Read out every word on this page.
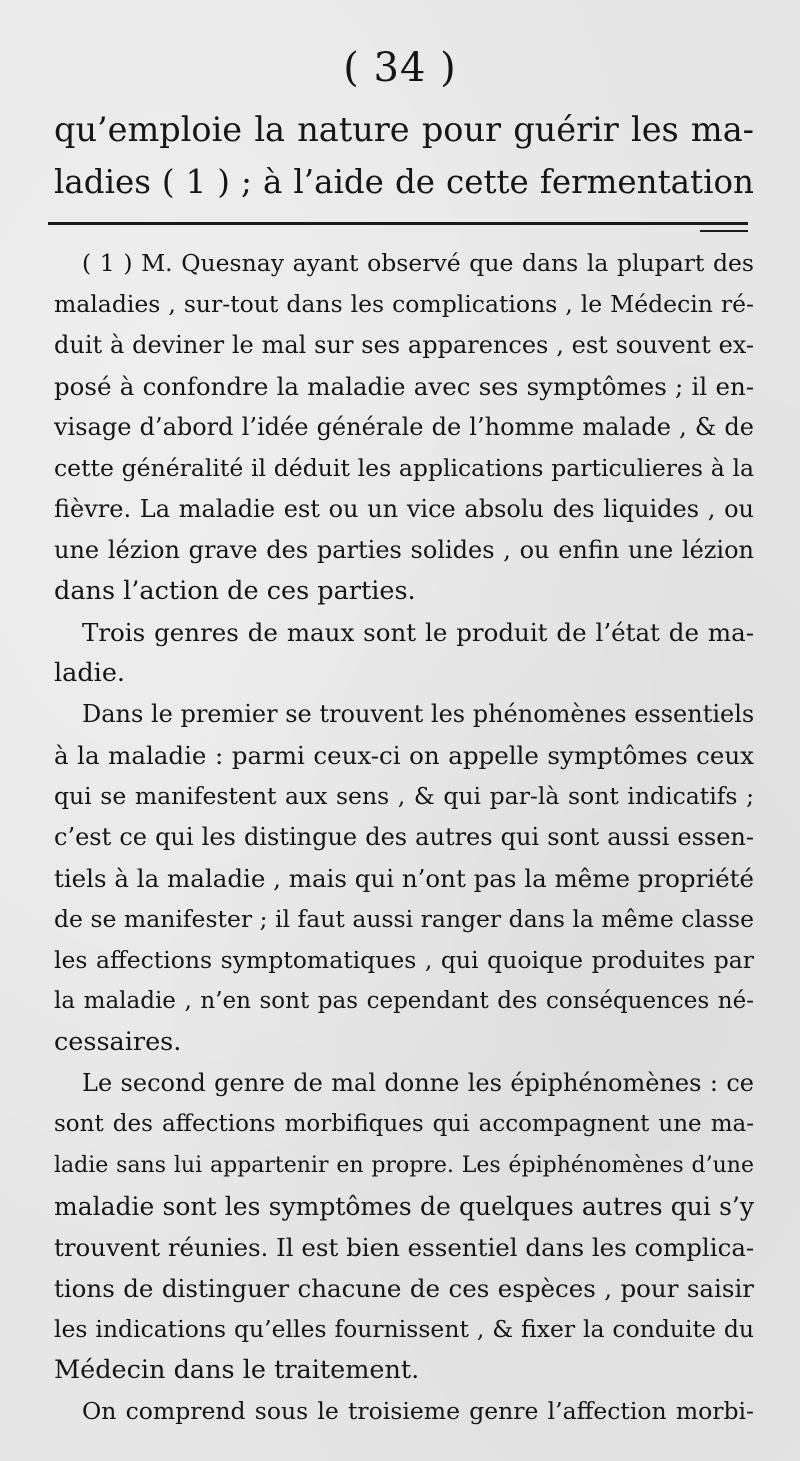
( 34 )
qu’emploie la nature pour guérir les ma-
ladies ( 1 ) ; à l’aide de cette fermentation
( 1 ) M. Quesnay ayant observé que dans la plupart des
maladies , sur-tout dans les complications , le Médecin ré-
duit à deviner le mal sur ses apparences , est souvent ex-
posé à confondre la maladie avec ses symptômes ; il en-
visage d’abord l’idée générale de l’homme malade , & de
cette généralité il déduit les applications particulieres à la
fièvre. La maladie est ou un vice absolu des liquides , ou
une lézion grave des parties solides , ou enfin une lézion
dans l’action de ces parties.
Trois genres de maux sont le produit de l’état de ma-
ladie.
Dans le premier se trouvent les phénomènes essentiels
à la maladie : parmi ceux-ci on appelle symptômes ceux
qui se manifestent aux sens , & qui par-là sont indicatifs ;
c’est ce qui les distingue des autres qui sont aussi essen-
tiels à la maladie , mais qui n’ont pas la même propriété
de se manifester ; il faut aussi ranger dans la même classe
les affections symptomatiques , qui quoique produites par
la maladie , n’en sont pas cependant des conséquences né-
cessaires.
Le second genre de mal donne les épiphénomènes : ce
sont des affections morbifiques qui accompagnent une ma-
ladie sans lui appartenir en propre. Les épiphénomènes d’une
maladie sont les symptômes de quelques autres qui s’y
trouvent réunies. Il est bien essentiel dans les complica-
tions de distinguer chacune de ces espèces , pour saisir
les indications qu’elles fournissent , & fixer la conduite du
Médecin dans le traitement.
On comprend sous le troisieme genre l’affection morbi-
